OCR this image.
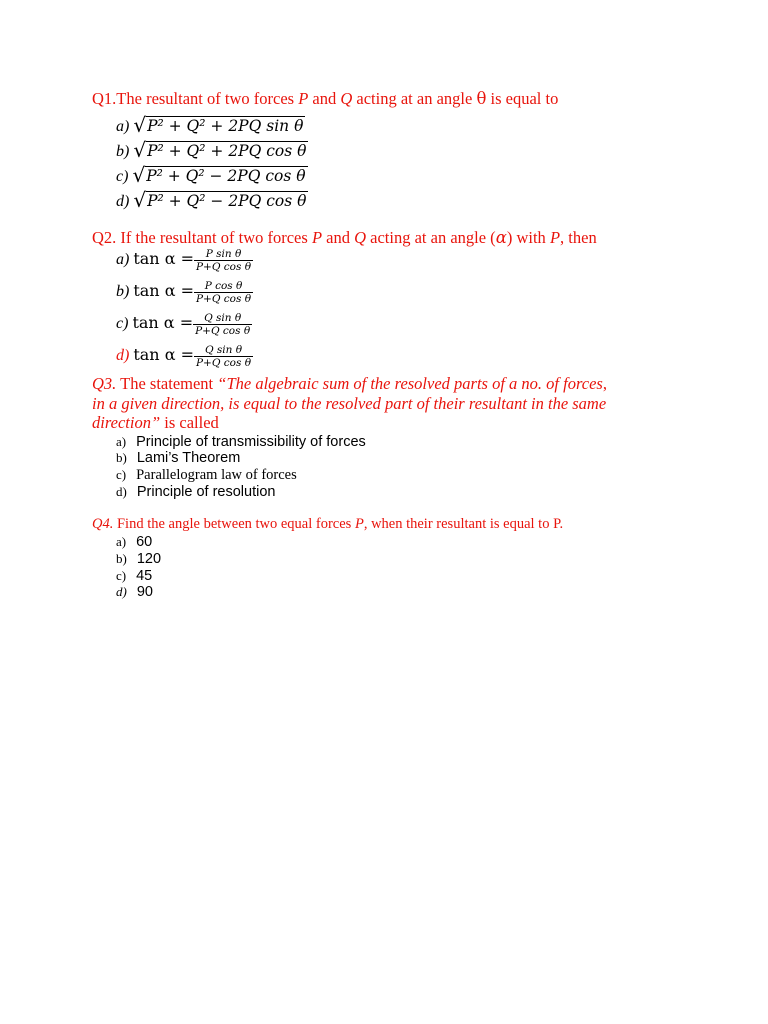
Q1.The resultant of two forces P and Q acting at an angle θ is equal to
a) √P² + Q² + 2PQ sin θ
b) √P² + Q² + 2PQ cos θ
c) √P² + Q² − 2PQ cos θ
d) √P² + Q² − 2PQ cos θ
Q2. If the resultant of two forces P and Q acting at an angle (α) with P, then
a) $\tan \alpha = \frac{\text{P sin θ}}{\text{P+Q cos θ}}$
b) $\tan \alpha = \frac{\text{P cos θ}}{\text{P+Q cos θ}}$
c) $\tan \alpha = \frac{\text{Q sin θ}}{\text{P+Q cos θ}}$
d) $\tan \alpha = \frac{\text{Q sin θ}}{\text{P+Q cos θ}}$
Q3. The statement “The algebraic sum of the resolved parts of a no. of forces,
in a given direction, is equal to the resolved part of their resultant in the same
direction” is called
a) Principle of transmissibility of forces
b) Lami’s Theorem
c) Parallelogram law of forces
d) Principle of resolution
Q4. Find the angle between two equal forces P, when their resultant is equal to P.
a) 60
b) 120
c) 45
d) 90
